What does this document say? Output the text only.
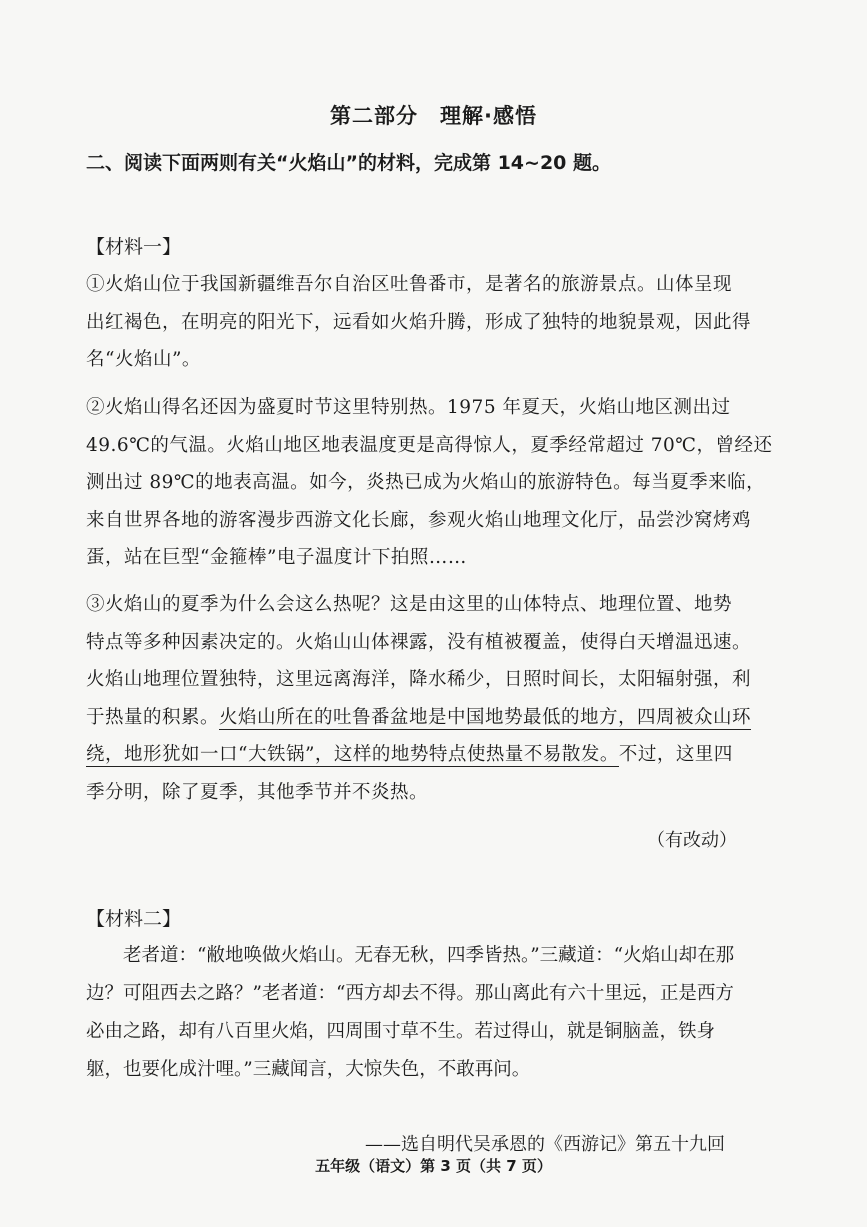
第二部分　理解·感悟
二、阅读下面两则有关“火焰山”的材料，完成第 14~20 题。
【材料一】
①火焰山位于我国新疆维吾尔自治区吐鲁番市，是著名的旅游景点。山体呈现
出红褐色，在明亮的阳光下，远看如火焰升腾，形成了独特的地貌景观，因此得
名“火焰山”。
②火焰山得名还因为盛夏时节这里特别热。1975 年夏天，火焰山地区测出过
49.6℃的气温。火焰山地区地表温度更是高得惊人，夏季经常超过 70℃，曾经还
测出过 89℃的地表高温。如今，炎热已成为火焰山的旅游特色。每当夏季来临，
来自世界各地的游客漫步西游文化长廊，参观火焰山地理文化厅，品尝沙窝烤鸡
蛋，站在巨型“金箍棒”电子温度计下拍照……
③火焰山的夏季为什么会这么热呢？这是由这里的山体特点、地理位置、地势
特点等多种因素决定的。火焰山山体裸露，没有植被覆盖，使得白天增温迅速。
火焰山地理位置独特，这里远离海洋，降水稀少，日照时间长，太阳辐射强，利
于热量的积累。火焰山所在的吐鲁番盆地是中国地势最低的地方，四周被众山环
绕，地形犹如一口“大铁锅”，这样的地势特点使热量不易散发。不过，这里四
季分明，除了夏季，其他季节并不炎热。
（有改动）
【材料二】
　　老者道：“敝地唤做火焰山。无春无秋，四季皆热。”三藏道：“火焰山却在那
边？可阻西去之路？”老者道：“西方却去不得。那山离此有六十里远，正是西方
必由之路，却有八百里火焰，四周围寸草不生。若过得山，就是铜脑盖，铁身
躯，也要化成汁哩。”三藏闻言，大惊失色，不敢再问。
——选自明代吴承恩的《西游记》第五十九回
五年级（语文）第 3 页（共 7 页）
